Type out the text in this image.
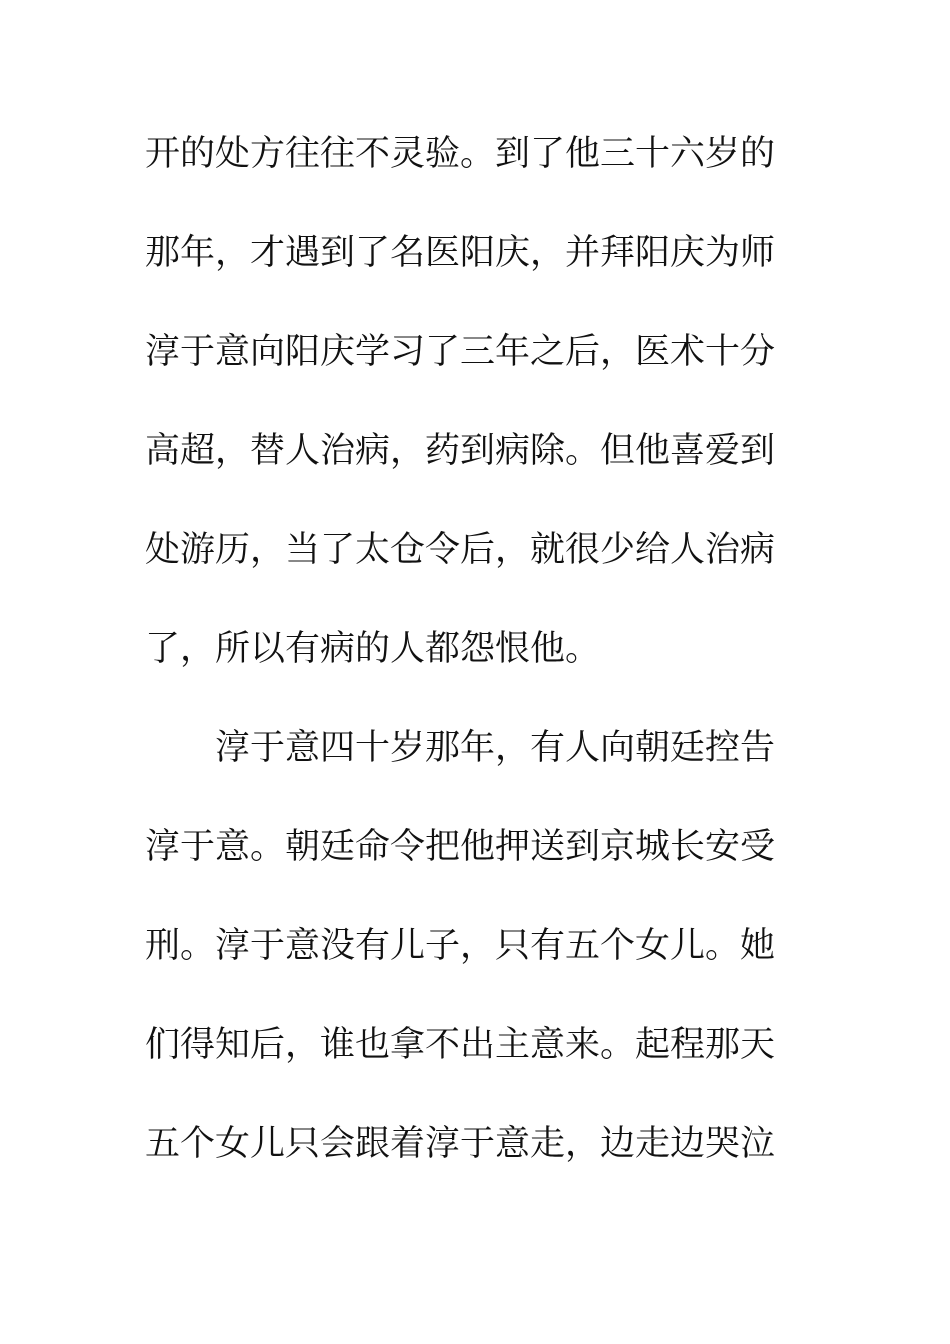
开的处方往往不灵验。到了他三十六岁的
那年，才遇到了名医阳庆，并拜阳庆为师
淳于意向阳庆学习了三年之后，医术十分
高超，替人治病，药到病除。但他喜爱到
处游历，当了太仓令后，就很少给人治病
了，所以有病的人都怨恨他。
　　淳于意四十岁那年，有人向朝廷控告
淳于意。朝廷命令把他押送到京城长安受
刑。淳于意没有儿子，只有五个女儿。她
们得知后，谁也拿不出主意来。起程那天
五个女儿只会跟着淳于意走，边走边哭泣
